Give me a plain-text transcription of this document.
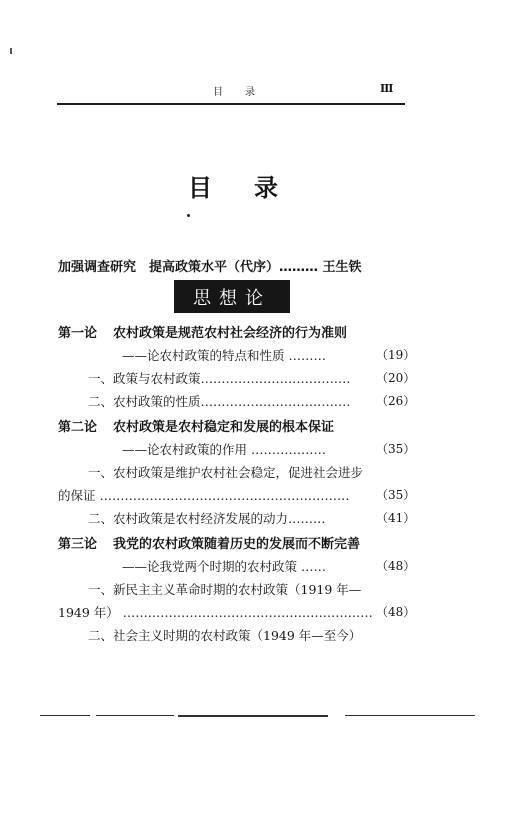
目录	Ⅲ
目录
加强调查研究　提高政策水平（代序）……… 王生铁
思想论
第一论 农村政策是规范农村社会经济的行为准则
——论农村政策的特点和性质 ………	（19）
一、政策与农村政策……………………………… （20）
二、农村政策的性质……………………………… （26）
第二论 农村政策是农村稳定和发展的根本保证
——论农村政策的作用 ………………	（35）
一、农村政策是维护农村社会稳定，促进社会进步
的保证 …………………………………………………… （35）
二、农村政策是农村经济发展的动力………	（41）
第三论 我党的农村政策随着历史的发展而不断完善
——论我党两个时期的农村政策 ……	（48）
一、新民主主义革命时期的农村政策（1919 年—
1949 年） …………………………………………………… （48）
二、社会主义时期的农村政策（1949 年—至今）
